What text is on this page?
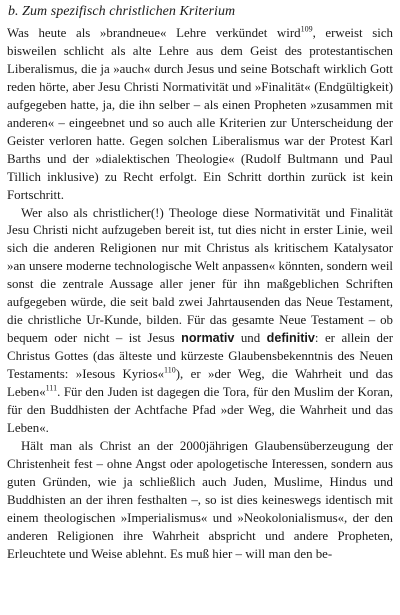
b. Zum spezifisch christlichen Kriterium

Was heute als »brandneue« Lehre verkündet wird$^{109}$, erweist sich bisweilen schlicht als alte Lehre aus dem Geist des protestantischen Liberalismus, die ja »auch« durch Jesus und seine Botschaft wirklich Gott reden hörte, aber Jesu Christi Normativität und »Finalität« (Endgültigkeit) aufgegeben hatte, ja, die ihn selber – als einen Propheten »zusammen mit anderen« – eingeebnet und so auch alle Kriterien zur Unterscheidung der Geister verloren hatte. Gegen solchen Liberalismus war der Protest Karl Barths und der »dialektischen Theologie« (Rudolf Bultmann und Paul Tillich inklusive) zu Recht erfolgt. Ein Schritt dorthin zurück ist kein Fortschritt.

Wer also als christlicher(!) Theologe diese Normativität und Finalität Jesu Christi nicht aufzugeben bereit ist, tut dies nicht in erster Linie, weil sich die anderen Religionen nur mit Christus als kritischem Katalysator »an unsere moderne technologische Welt anpassen« könnten, sondern weil sonst die zentrale Aussage aller jener für ihn maßgeblichen Schriften aufgegeben würde, die seit bald zwei Jahrtausenden das Neue Testament, die christliche Ur-Kunde, bilden. Für das gesamte Neue Testament – ob bequem oder nicht – ist Jesus normativ und definitiv: er allein der Christus Gottes (das älteste und kürzeste Glaubensbekenntnis des Neuen Testaments: »Iesous Kyrios«$^{110}$), er »der Weg, die Wahrheit und das Leben«$^{111}$. Für den Juden ist dagegen die Tora, für den Muslim der Koran, für den Buddhisten der Achtfache Pfad »der Weg, die Wahrheit und das Leben«.

Hält man als Christ an der 2000jährigen Glaubensüberzeugung der Christenheit fest – ohne Angst oder apologetische Interessen, sondern aus guten Gründen, wie ja schließlich auch Juden, Muslime, Hindus und Buddhisten an der ihren festhalten –, so ist dies keineswegs identisch mit einem theologischen »Imperialismus« und »Neokolonialismus«, der den anderen Religionen ihre Wahrheit abspricht und andere Propheten, Erleuchtete und Weise ablehnt. Es muß hier – will man den be-
